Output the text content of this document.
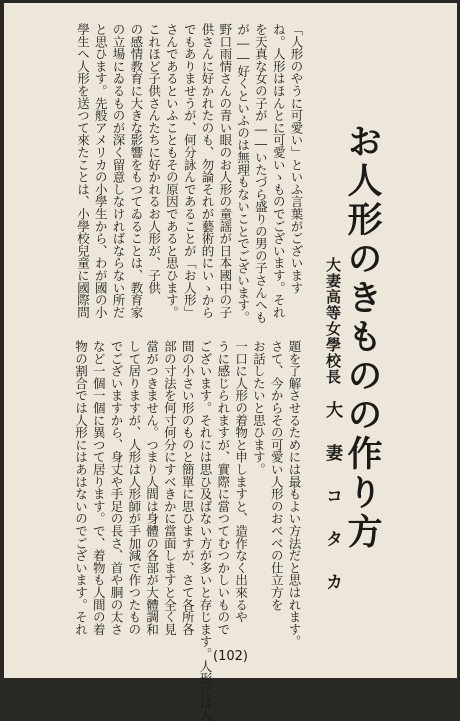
お人形のきものの作り方
大妻高等女學校長
大妻コタカ
「人形のやうに可愛い」といふ言葉がございます
ね。人形はほんとに可愛いゝものでございます。それ
を天真な女の子が――いたづら盛りの男の子さんへも
が――好くといふのは無理もないことでございます。
野口雨情さんの青い眼のお人形の童謡が日本國中の子
供さんに好かれたのも、勿論それが藝術的にいゝから
でもありませうが、何分詠んであることが「お人形」
さんであるといふこともその原因であると思ひます。
これほど子供さんたちに好かれるお人形が、子供
の感情教育に大きな影響をもつてゐることは、教育家
の立場にゐるものが深く留意しなければならない所だ
と思ひます。先般アメリカの小學生から、わが國の小
學生へ人形を送つて來たことは、小學校兒童に國際問
題を了解させるためには最もよい方法だと思はれます。
さて、今からその可愛い人形のおべべの仕立方を
お話したいと思ひます。
一口に人形の着物と申しますと、造作なく出來るや
うに感じられますが、實際に當つてむつかしいもので
ございます。それには思ひ及ばない方が多いと存じます。人形には人
間の小さい形のものと簡單に思ひますが、さて各所各
部の寸法を何寸何分にすべきかに當面しますと全く見
當がつきません。つまり人間は身體の各部が大體調和
して居りますが、人形は人形師が手加減で作つたもの
でございますから、身丈や手足の長さ、首や胴の太さ
など一個一個に異つて居ります。で、着物も人間の着
物の割合では人形にはあはないのでございます。それ
(102)
